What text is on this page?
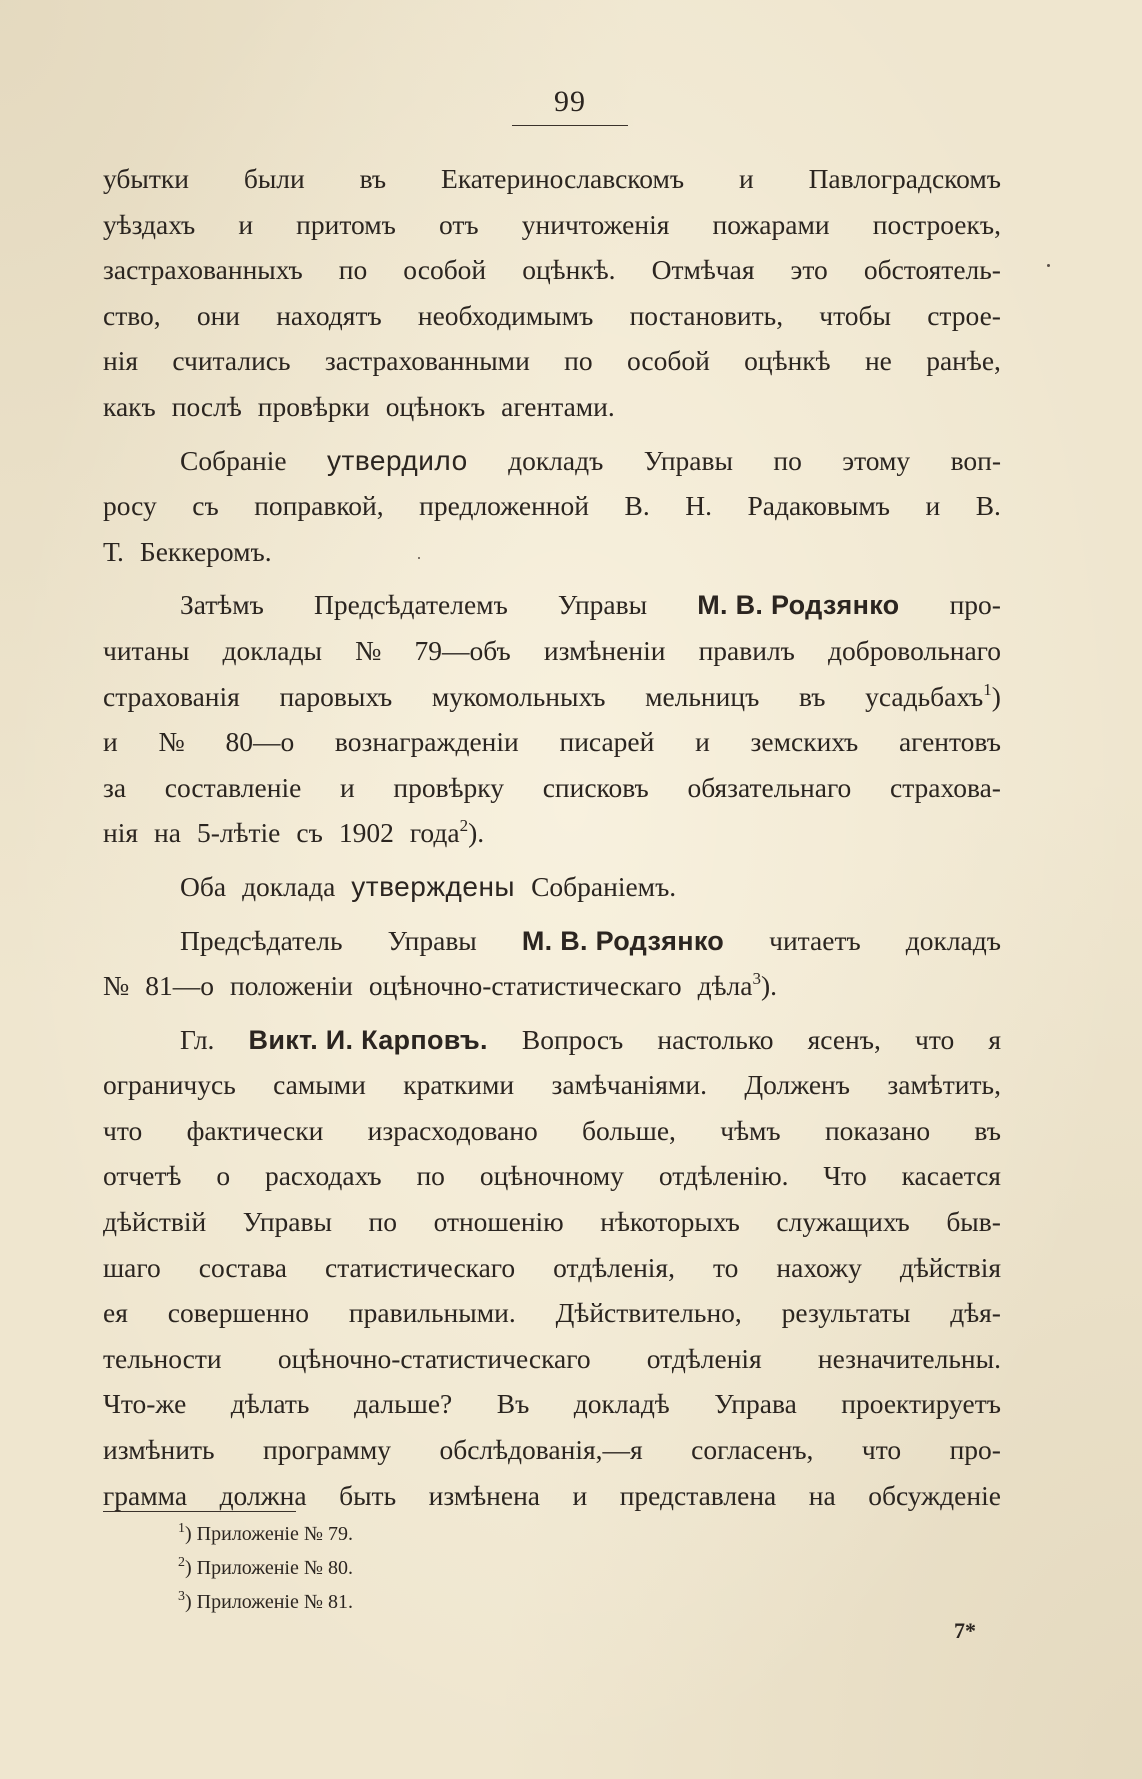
99
убытки были въ Екатеринославскомъ и Павлоградскомъ
уѣздахъ и притомъ отъ уничтоженія пожарами построекъ,
застрахованныхъ по особой оцѣнкѣ. Отмѣчая это обстоятель-
ство, они находятъ необходимымъ постановить, чтобы строе-
нія считались застрахованными по особой оцѣнкѣ не ранѣе,
какъ послѣ провѣрки оцѣнокъ агентами.
Собраніе утвердило докладъ Управы по этому воп-
росу съ поправкой, предложенной В. Н. Радаковымъ и В.
Т. Беккеромъ.
Затѣмъ Предсѣдателемъ Управы М. В. Родзянко про-
читаны доклады № 79—объ измѣненіи правилъ добровольнаго
страхованія паровыхъ мукомольныхъ мельницъ въ усадьбахъ$^1$)
и № 80—о вознагражденіи писарей и земскихъ агентовъ
за составленіе и провѣрку списковъ обязательнаго страхова-
нія на 5-лѣтіе съ 1902 года$^2$).
Оба доклада утверждены Собраніемъ.
Предсѣдатель Управы М. В. Родзянко читаетъ докладъ
№ 81—о положеніи оцѣночно-статистическаго дѣла$^3$).
Гл. Викт. И. Карповъ. Вопросъ настолько ясенъ, что я
ограничусь самыми краткими замѣчаніями. Долженъ замѣтить,
что фактически израсходовано больше, чѣмъ показано въ
отчетѣ о расходахъ по оцѣночному отдѣленію. Что касается
дѣйствій Управы по отношенію нѣкоторыхъ служащихъ быв-
шаго состава статистическаго отдѣленія, то нахожу дѣйствія
ея совершенно правильными. Дѣйствительно, результаты дѣя-
тельности оцѣночно-статистическаго отдѣленія незначительны.
Что-же дѣлать дальше? Въ докладѣ Управа проектируетъ
измѣнить программу обслѣдованія,—я согласенъ, что про-
грамма должна быть измѣнена и представлена на обсужденіе
$^1$) Приложеніе № 79.
$^2$) Приложеніе № 80.
$^3$) Приложеніе № 81.
7*
